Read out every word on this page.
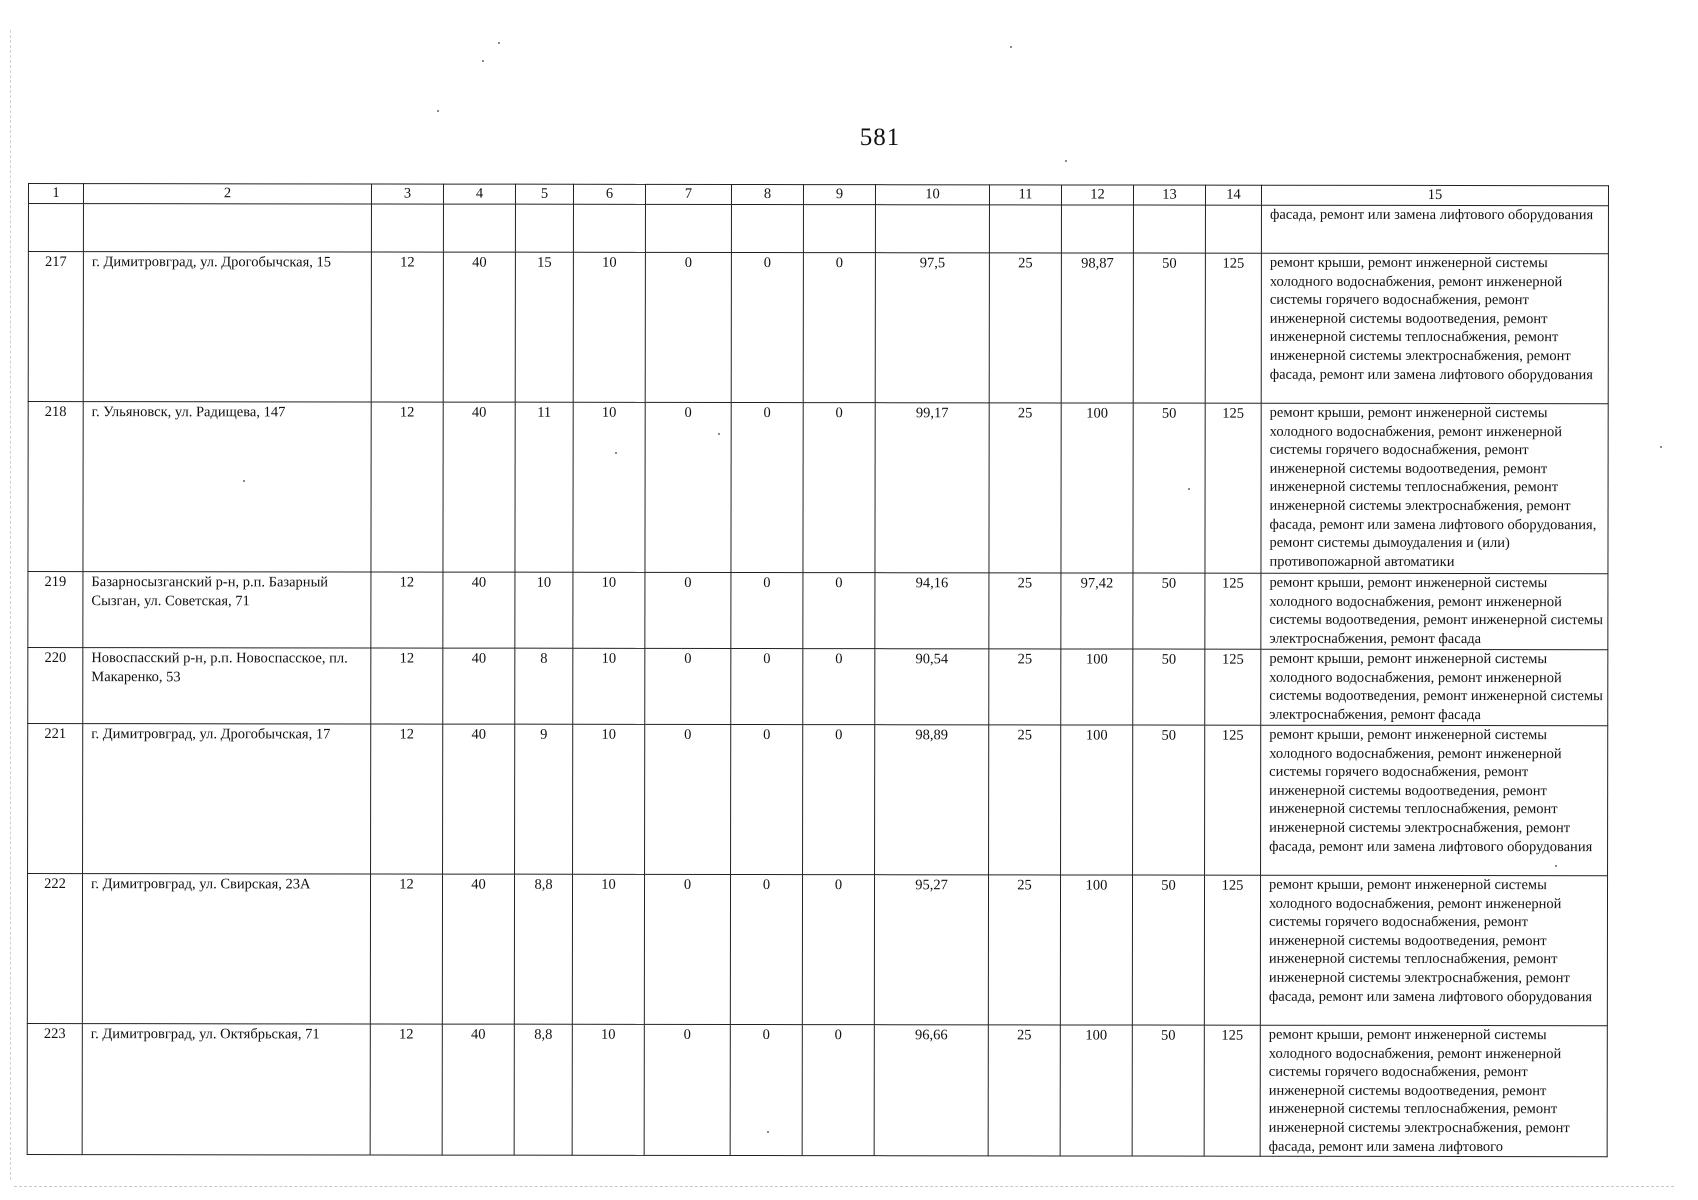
581
1	2	3	4	5	6	7	8	9	10	11	12	13	14	15
														фасада, ремонт или замена лифтового оборудования
217	г. Димитровград, ул. Дрогобычская, 15	12	40	15	10	0	0	0	97,5	25	98,87	50	125	ремонт крыши, ремонт инженерной системы холодного водоснабжения, ремонт инженерной системы горячего водоснабжения, ремонт инженерной системы водоотведения, ремонт инженерной системы теплоснабжения, ремонт инженерной системы электроснабжения, ремонт фасада, ремонт или замена лифтового оборудования
218	г. Ульяновск, ул. Радищева, 147	12	40	11	10	0	0	0	99,17	25	100	50	125	ремонт крыши, ремонт инженерной системы холодного водоснабжения, ремонт инженерной системы горячего водоснабжения, ремонт инженерной системы водоотведения, ремонт инженерной системы теплоснабжения, ремонт инженерной системы электроснабжения, ремонт фасада, ремонт или замена лифтового оборудования, ремонт системы дымоудаления и (или) противопожарной автоматики
219	Базарносызганский р-н, р.п. Базарный Сызган, ул. Советская, 71	12	40	10	10	0	0	0	94,16	25	97,42	50	125	ремонт крыши, ремонт инженерной системы холодного водоснабжения, ремонт инженерной системы водоотведения, ремонт инженерной системы электроснабжения, ремонт фасада
220	Новоспасский р-н, р.п. Новоспасское, пл. Макаренко, 53	12	40	8	10	0	0	0	90,54	25	100	50	125	ремонт крыши, ремонт инженерной системы холодного водоснабжения, ремонт инженерной системы водоотведения, ремонт инженерной системы электроснабжения, ремонт фасада
221	г. Димитровград, ул. Дрогобычская, 17	12	40	9	10	0	0	0	98,89	25	100	50	125	ремонт крыши, ремонт инженерной системы холодного водоснабжения, ремонт инженерной системы горячего водоснабжения, ремонт инженерной системы водоотведения, ремонт инженерной системы теплоснабжения, ремонт инженерной системы электроснабжения, ремонт фасада, ремонт или замена лифтового оборудования
222	г. Димитровград, ул. Свирская, 23А	12	40	8,8	10	0	0	0	95,27	25	100	50	125	ремонт крыши, ремонт инженерной системы холодного водоснабжения, ремонт инженерной системы горячего водоснабжения, ремонт инженерной системы водоотведения, ремонт инженерной системы теплоснабжения, ремонт инженерной системы электроснабжения, ремонт фасада, ремонт или замена лифтового оборудования
223	г. Димитровград, ул. Октябрьская, 71	12	40	8,8	10	0	0	0	96,66	25	100	50	125	ремонт крыши, ремонт инженерной системы холодного водоснабжения, ремонт инженерной системы горячего водоснабжения, ремонт инженерной системы водоотведения, ремонт инженерной системы теплоснабжения, ремонт инженерной системы электроснабжения, ремонт фасада, ремонт или замена лифтового
